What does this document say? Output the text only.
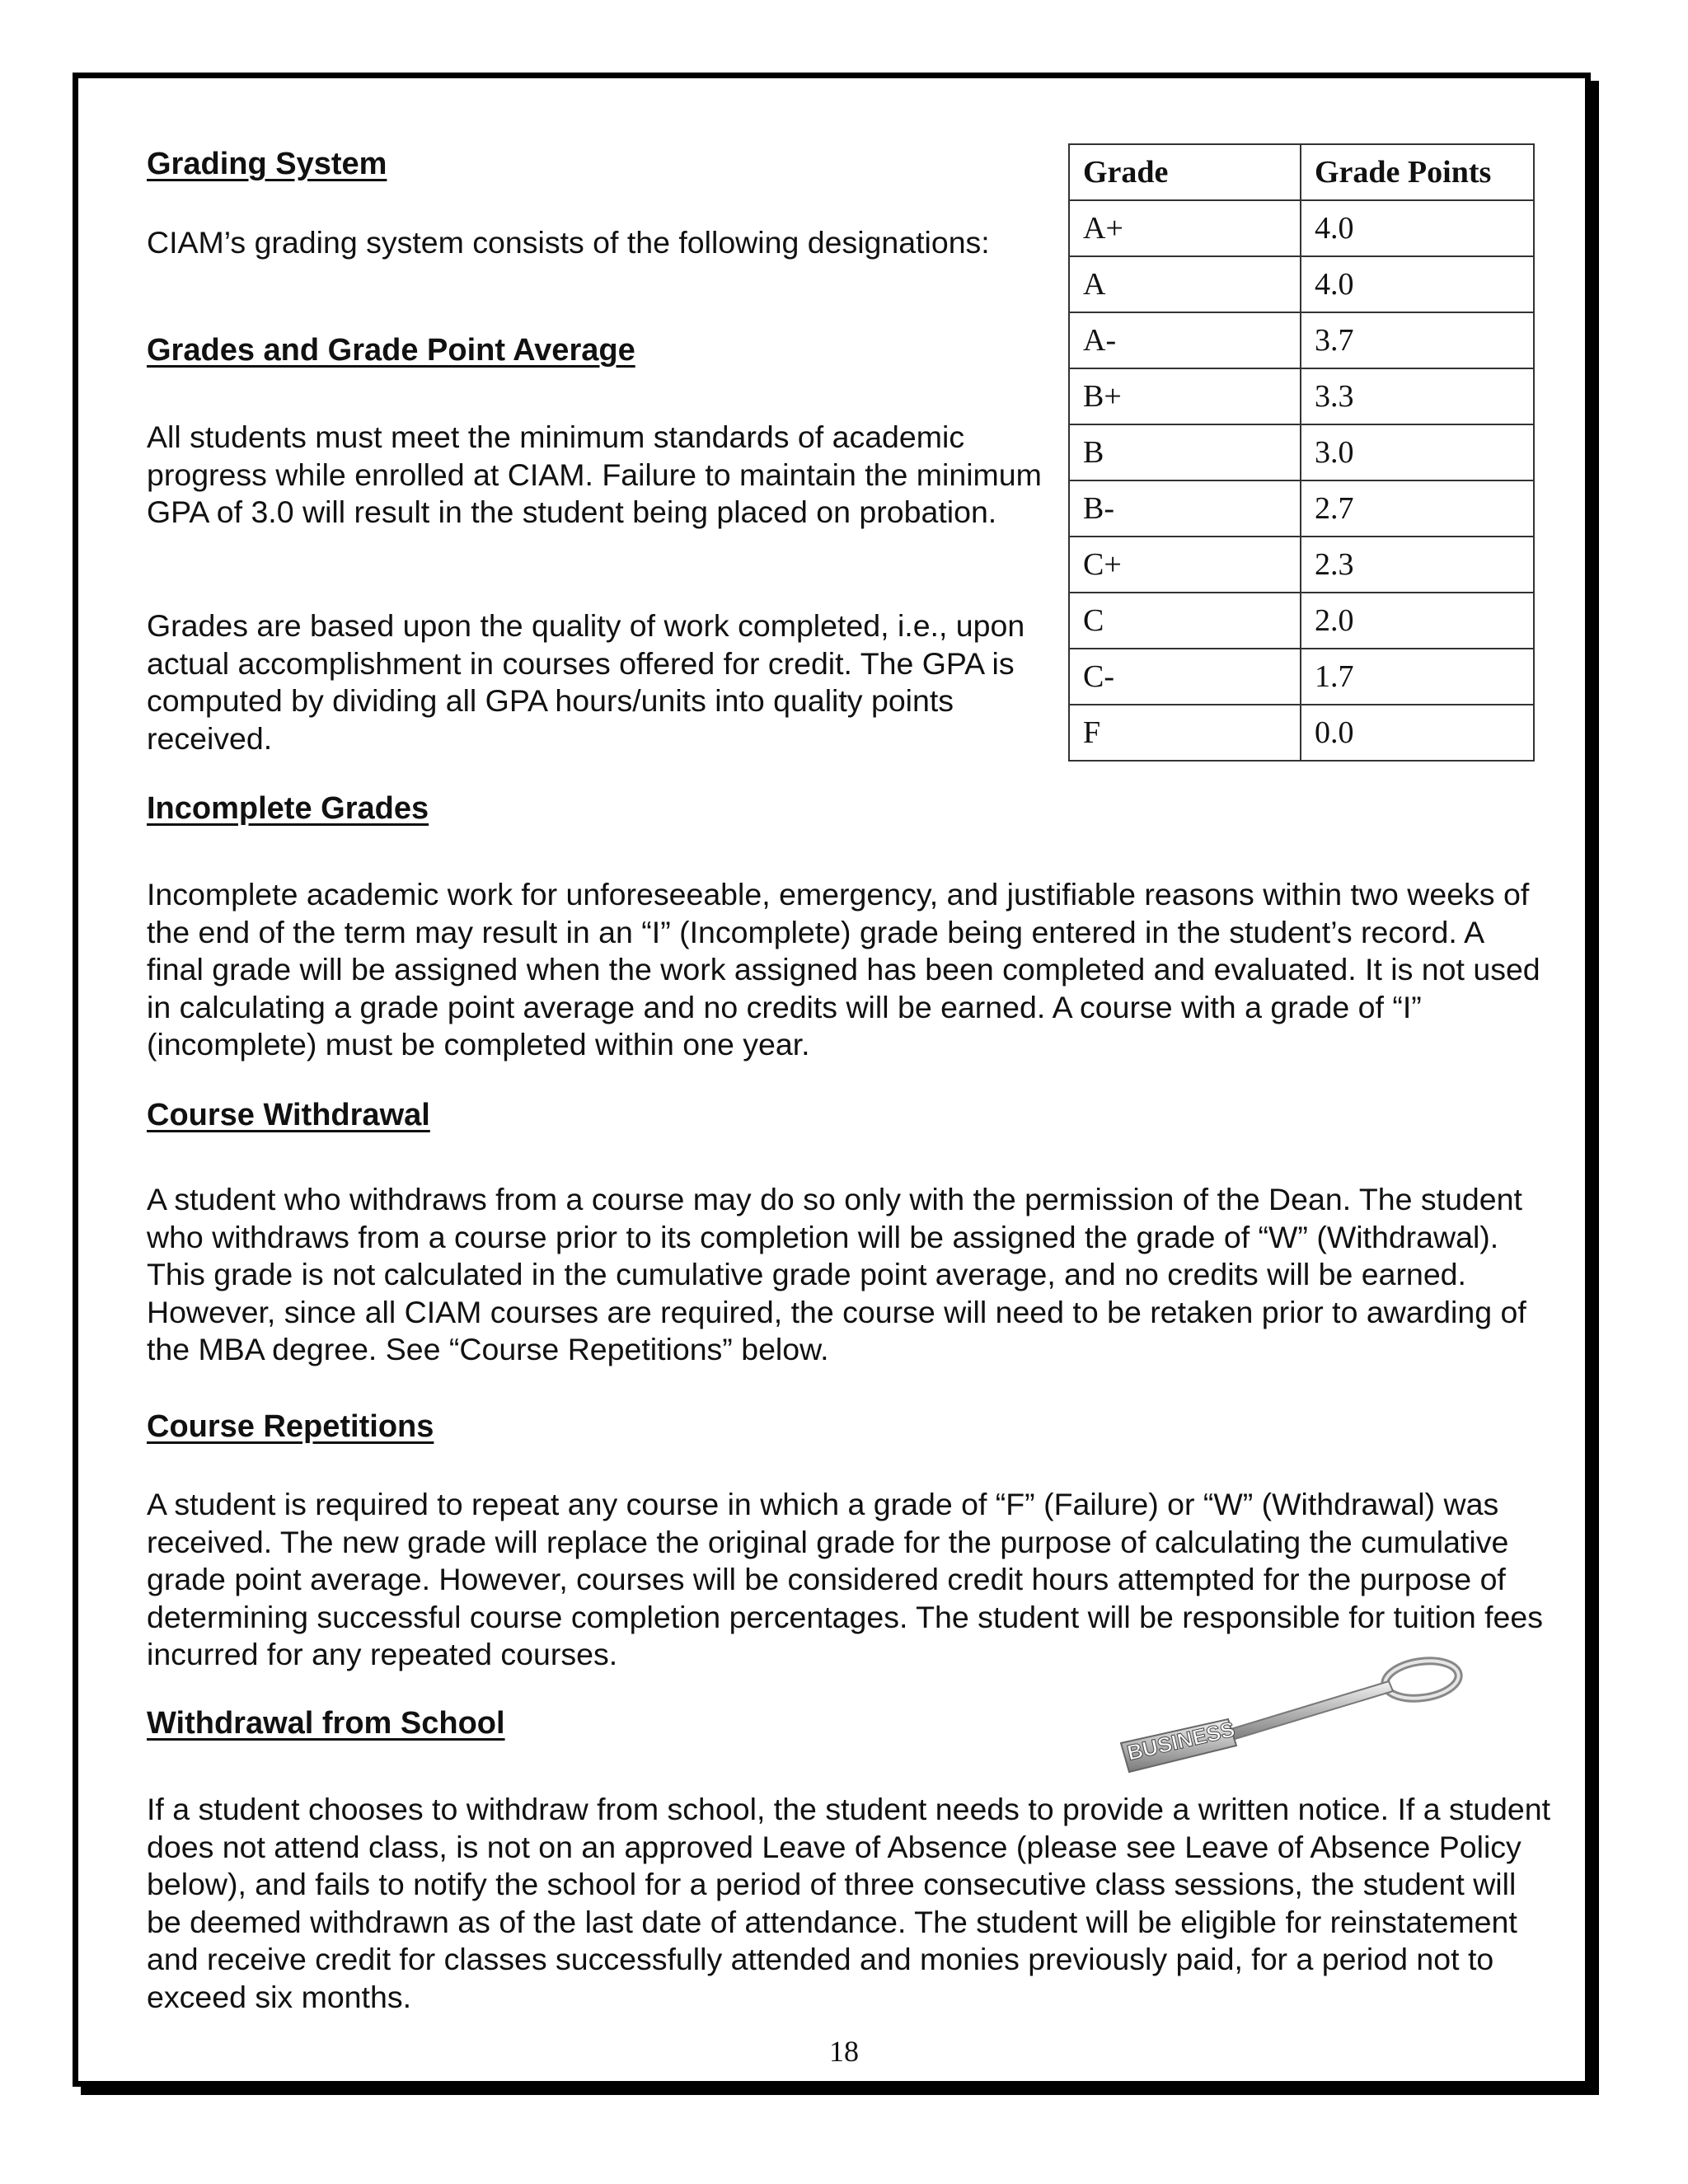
Grading System

CIAM’s grading system consists of the following designations:

Grades and Grade Point Average

All students must meet the minimum standards of academic progress while enrolled at CIAM. Failure to maintain the minimum GPA of 3.0 will result in the student being placed on probation.

Grades are based upon the quality of work completed, i.e., upon actual accomplishment in courses offered for credit. The GPA is computed by dividing all GPA hours/units into quality points received.

Grade	Grade Points
A+	4.0
A	4.0
A-	3.7
B+	3.3
B	3.0
B-	2.7
C+	2.3
C	2.0
C-	1.7
F	0.0
Incomplete Grades

Incomplete academic work for unforeseeable, emergency, and justifiable reasons within two weeks of the end of the term may result in an “I” (Incomplete) grade being entered in the student’s record. A final grade will be assigned when the work assigned has been completed and evaluated. It is not used in calculating a grade point average and no credits will be earned. A course with a grade of “I” (incomplete) must be completed within one year.

Course Withdrawal

A student who withdraws from a course may do so only with the permission of the Dean. The student who withdraws from a course prior to its completion will be assigned the grade of “W” (Withdrawal). This grade is not calculated in the cumulative grade point average, and no credits will be earned. However, since all CIAM courses are required, the course will need to be retaken prior to awarding of the MBA degree. See “Course Repetitions” below.

Course Repetitions

A student is required to repeat any course in which a grade of “F” (Failure) or “W” (Withdrawal) was received. The new grade will replace the original grade for the purpose of calculating the cumulative grade point average. However, courses will be considered credit hours attempted for the purpose of determining successful course completion percentages. The student will be responsible for tuition fees incurred for any repeated courses.

BUSINESS
Withdrawal from School

If a student chooses to withdraw from school, the student needs to provide a written notice. If a student does not attend class, is not on an approved Leave of Absence (please see Leave of Absence Policy below), and fails to notify the school for a period of three consecutive class sessions, the student will be deemed withdrawn as of the last date of attendance. The student will be eligible for reinstatement and receive credit for classes successfully attended and monies previously paid, for a period not to exceed six months.

18
